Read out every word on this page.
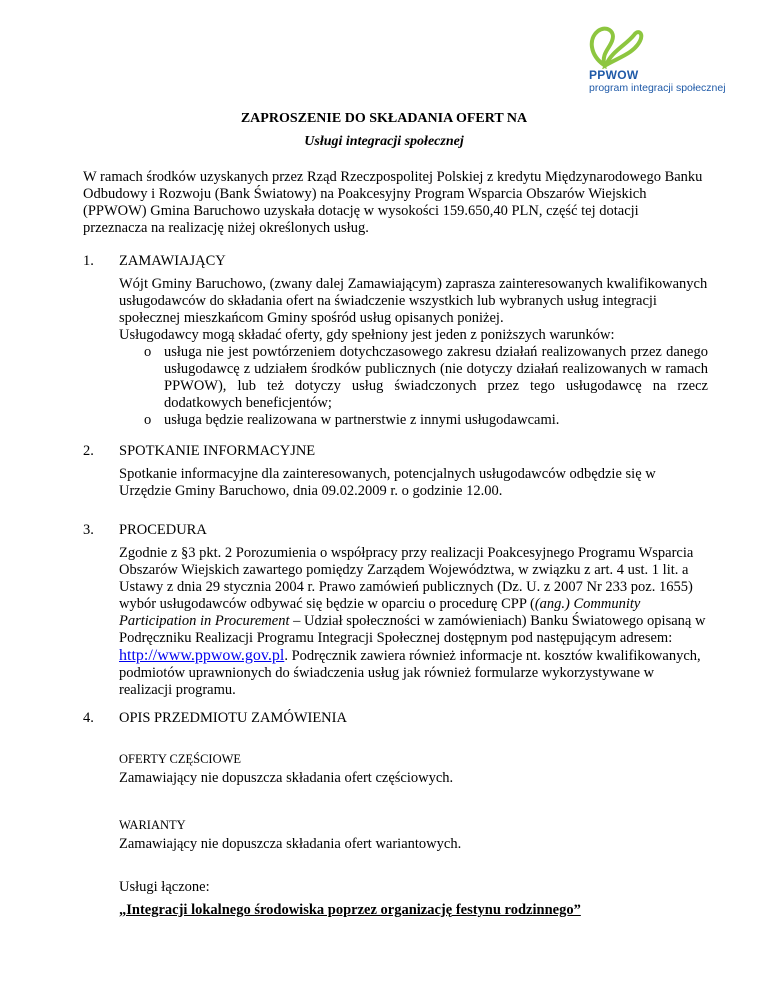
PPWOW
program integracji społecznej
ZAPROSZENIE DO SKŁADANIA OFERT NA
Usługi integracji społecznej
W ramach środków uzyskanych przez Rząd Rzeczpospolitej Polskiej z kredytu Międzynarodowego Banku Odbudowy i Rozwoju (Bank Światowy) na Poakcesyjny Program Wsparcia Obszarów Wiejskich (PPWOW) Gmina Baruchowo uzyskała dotację w wysokości 159.650,40 PLN, część tej dotacji przeznacza na realizację niżej określonych usług.
1. ZAMAWIAJĄCY
Wójt Gminy Baruchowo, (zwany dalej Zamawiającym) zaprasza zainteresowanych kwalifikowanych usługodawców do składania ofert na świadczenie wszystkich lub wybranych usług integracji społecznej mieszkańcom Gminy spośród usług opisanych poniżej.
Usługodawcy mogą składać oferty, gdy spełniony jest jeden z poniższych warunków:
o usługa nie jest powtórzeniem dotychczasowego zakresu działań realizowanych przez danego usługodawcę z udziałem środków publicznych (nie dotyczy działań realizowanych w ramach PPWOW), lub też dotyczy usług świadczonych przez tego usługodawcę na rzecz dodatkowych beneficjentów;
o usługa będzie realizowana w partnerstwie z innymi usługodawcami.
2. SPOTKANIE INFORMACYJNE
Spotkanie informacyjne dla zainteresowanych, potencjalnych usługodawców odbędzie się w Urzędzie Gminy Baruchowo, dnia 09.02.2009 r. o godzinie 12.00.
3. PROCEDURA
Zgodnie z §3 pkt. 2 Porozumienia o współpracy przy realizacji Poakcesyjnego Programu Wsparcia Obszarów Wiejskich zawartego pomiędzy Zarządem Województwa, w związku z art. 4 ust. 1 lit. a Ustawy z dnia 29 stycznia 2004 r. Prawo zamówień publicznych (Dz. U. z 2007 Nr 233 poz. 1655) wybór usługodawców odbywać się będzie w oparciu o procedurę CPP ((ang.) Community Participation in Procurement – Udział społeczności w zamówieniach) Banku Światowego opisaną w Podręczniku Realizacji Programu Integracji Społecznej dostępnym pod następującym adresem: http://www.ppwow.gov.pl. Podręcznik zawiera również informacje nt. kosztów kwalifikowanych, podmiotów uprawnionych do świadczenia usług jak również formularze wykorzystywane w realizacji programu.
4. OPIS PRZEDMIOTU ZAMÓWIENIA
OFERTY CZĘŚCIOWE
Zamawiający nie dopuszcza składania ofert częściowych.
WARIANTY
Zamawiający nie dopuszcza składania ofert wariantowych.
Usługi łączone:
„Integracji lokalnego środowiska poprzez organizację festynu rodzinnego”
